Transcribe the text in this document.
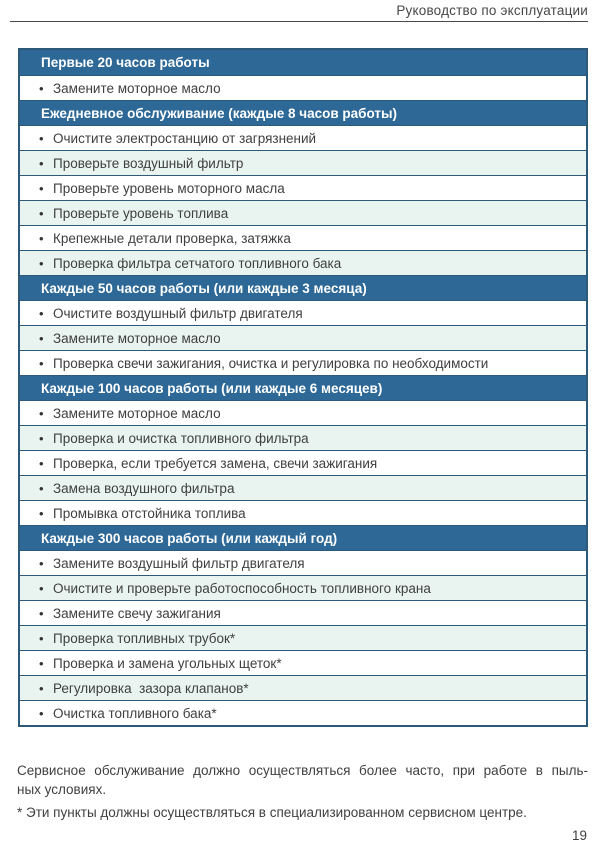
Руководство по эксплуатации
Первые 20 часов работы
• Замените моторное масло
Ежедневное обслуживание (каждые 8 часов работы)
• Очистите электростанцию от загрязнений
• Проверьте воздушный фильтр
• Проверьте уровень моторного масла
• Проверьте уровень топлива
• Крепежные детали проверка, затяжка
• Проверка фильтра сетчатого топливного бака
Каждые 50 часов работы (или каждые 3 месяца)
• Очистите воздушный фильтр двигателя
• Замените моторное масло
• Проверка свечи зажигания, очистка и регулировка по необходимости
Каждые 100 часов работы (или каждые 6 месяцев)
• Замените моторное масло
• Проверка и очистка топливного фильтра
• Проверка, если требуется замена, свечи зажигания
• Замена воздушного фильтра
• Промывка отстойника топлива
Каждые 300 часов работы (или каждый год)
• Замените воздушный фильтр двигателя
• Очистите и проверьте работоспособность топливного крана
• Замените свечу зажигания
• Проверка топливных трубок*
• Проверка и замена угольных щеток*
• Регулировка  зазора клапанов*
• Очистка топливного бака*
Сервисное обслуживание должно осуществляться более часто, при работе в пыль-
ных условиях.
* Эти пункты должны осуществляться в специализированном сервисном центре.
19
